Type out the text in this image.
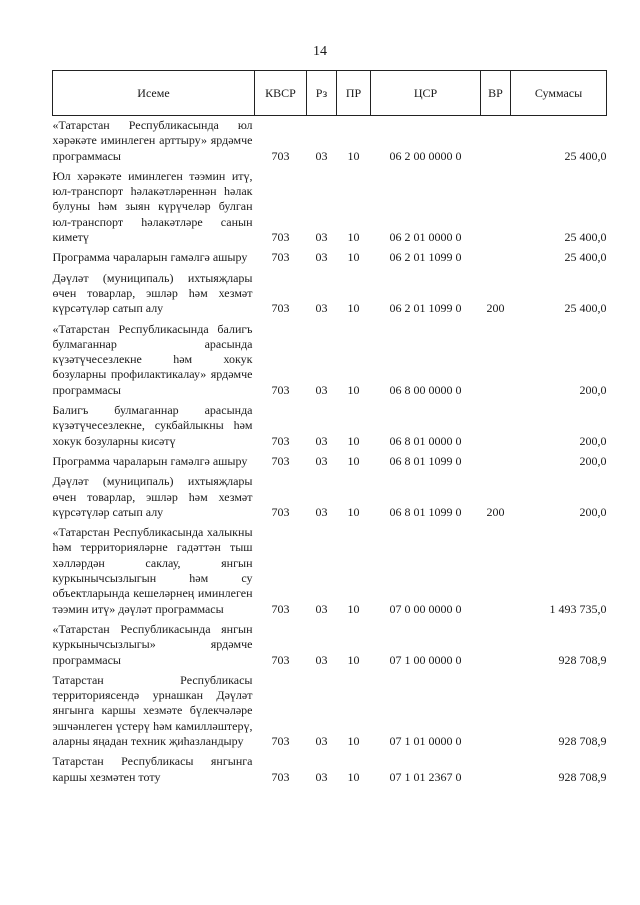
14
Исеме	КВСР	Рз	ПР	ЦСР	ВР	Суммасы
«Татарстан Республикасында юл хәрәкәте иминлеген арттыру» ярдәмче программасы	703	03	10	06 2 00 0000 0		25 400,0
Юл хәрәкәте иминлеген тәэмин итү, юл-транспорт һәлакәтләреннән һәлак булуны һәм зыян күрүчеләр булган юл-транспорт һәлакәтләре санын киметү	703	03	10	06 2 01 0000 0		25 400,0
Программа чараларын гамәлгә ашыру	703	03	10	06 2 01 1099 0		25 400,0
Дәүләт (муниципаль) ихтыяҗлары өчен товарлар, эшләр һәм хезмәт күрсәтүләр сатып алу	703	03	10	06 2 01 1099 0	200	25 400,0
«Татарстан Республикасында балигъ булмаганнар арасында күзәтүчесезлекне һәм хокук бозуларны профилактикалау» ярдәмче программасы	703	03	10	06 8 00 0000 0		200,0
Балигъ булмаганнар арасында күзәтүчесезлекне, сукбайлыкны һәм хокук бозуларны кисәтү	703	03	10	06 8 01 0000 0		200,0
Программа чараларын гамәлгә ашыру	703	03	10	06 8 01 1099 0		200,0
Дәүләт (муниципаль) ихтыяҗлары өчен товарлар, эшләр һәм хезмәт күрсәтүләр сатып алу	703	03	10	06 8 01 1099 0	200	200,0
«Татарстан Республикасында халыкны һәм территорияләрне гадәттән тыш хәлләрдән саклау, янгын куркынычсызлыгын һәм су объектларында кешеләрнең иминлеген тәэмин итү» дәүләт программасы	703	03	10	07 0 00 0000 0		1 493 735,0
«Татарстан Республикасында янгын куркынычсызлыгы» ярдәмче программасы	703	03	10	07 1 00 0000 0		928 708,9
Татарстан Республикасы территориясендә урнашкан Дәүләт янгынга каршы хезмәте бүлекчәләре эшчәнлеген үстерү һәм камилләштерү, аларны яңадан техник җиһазландыру	703	03	10	07 1 01 0000 0		928 708,9
Татарстан Республикасы янгынга каршы хезмәтен тоту	703	03	10	07 1 01 2367 0		928 708,9
